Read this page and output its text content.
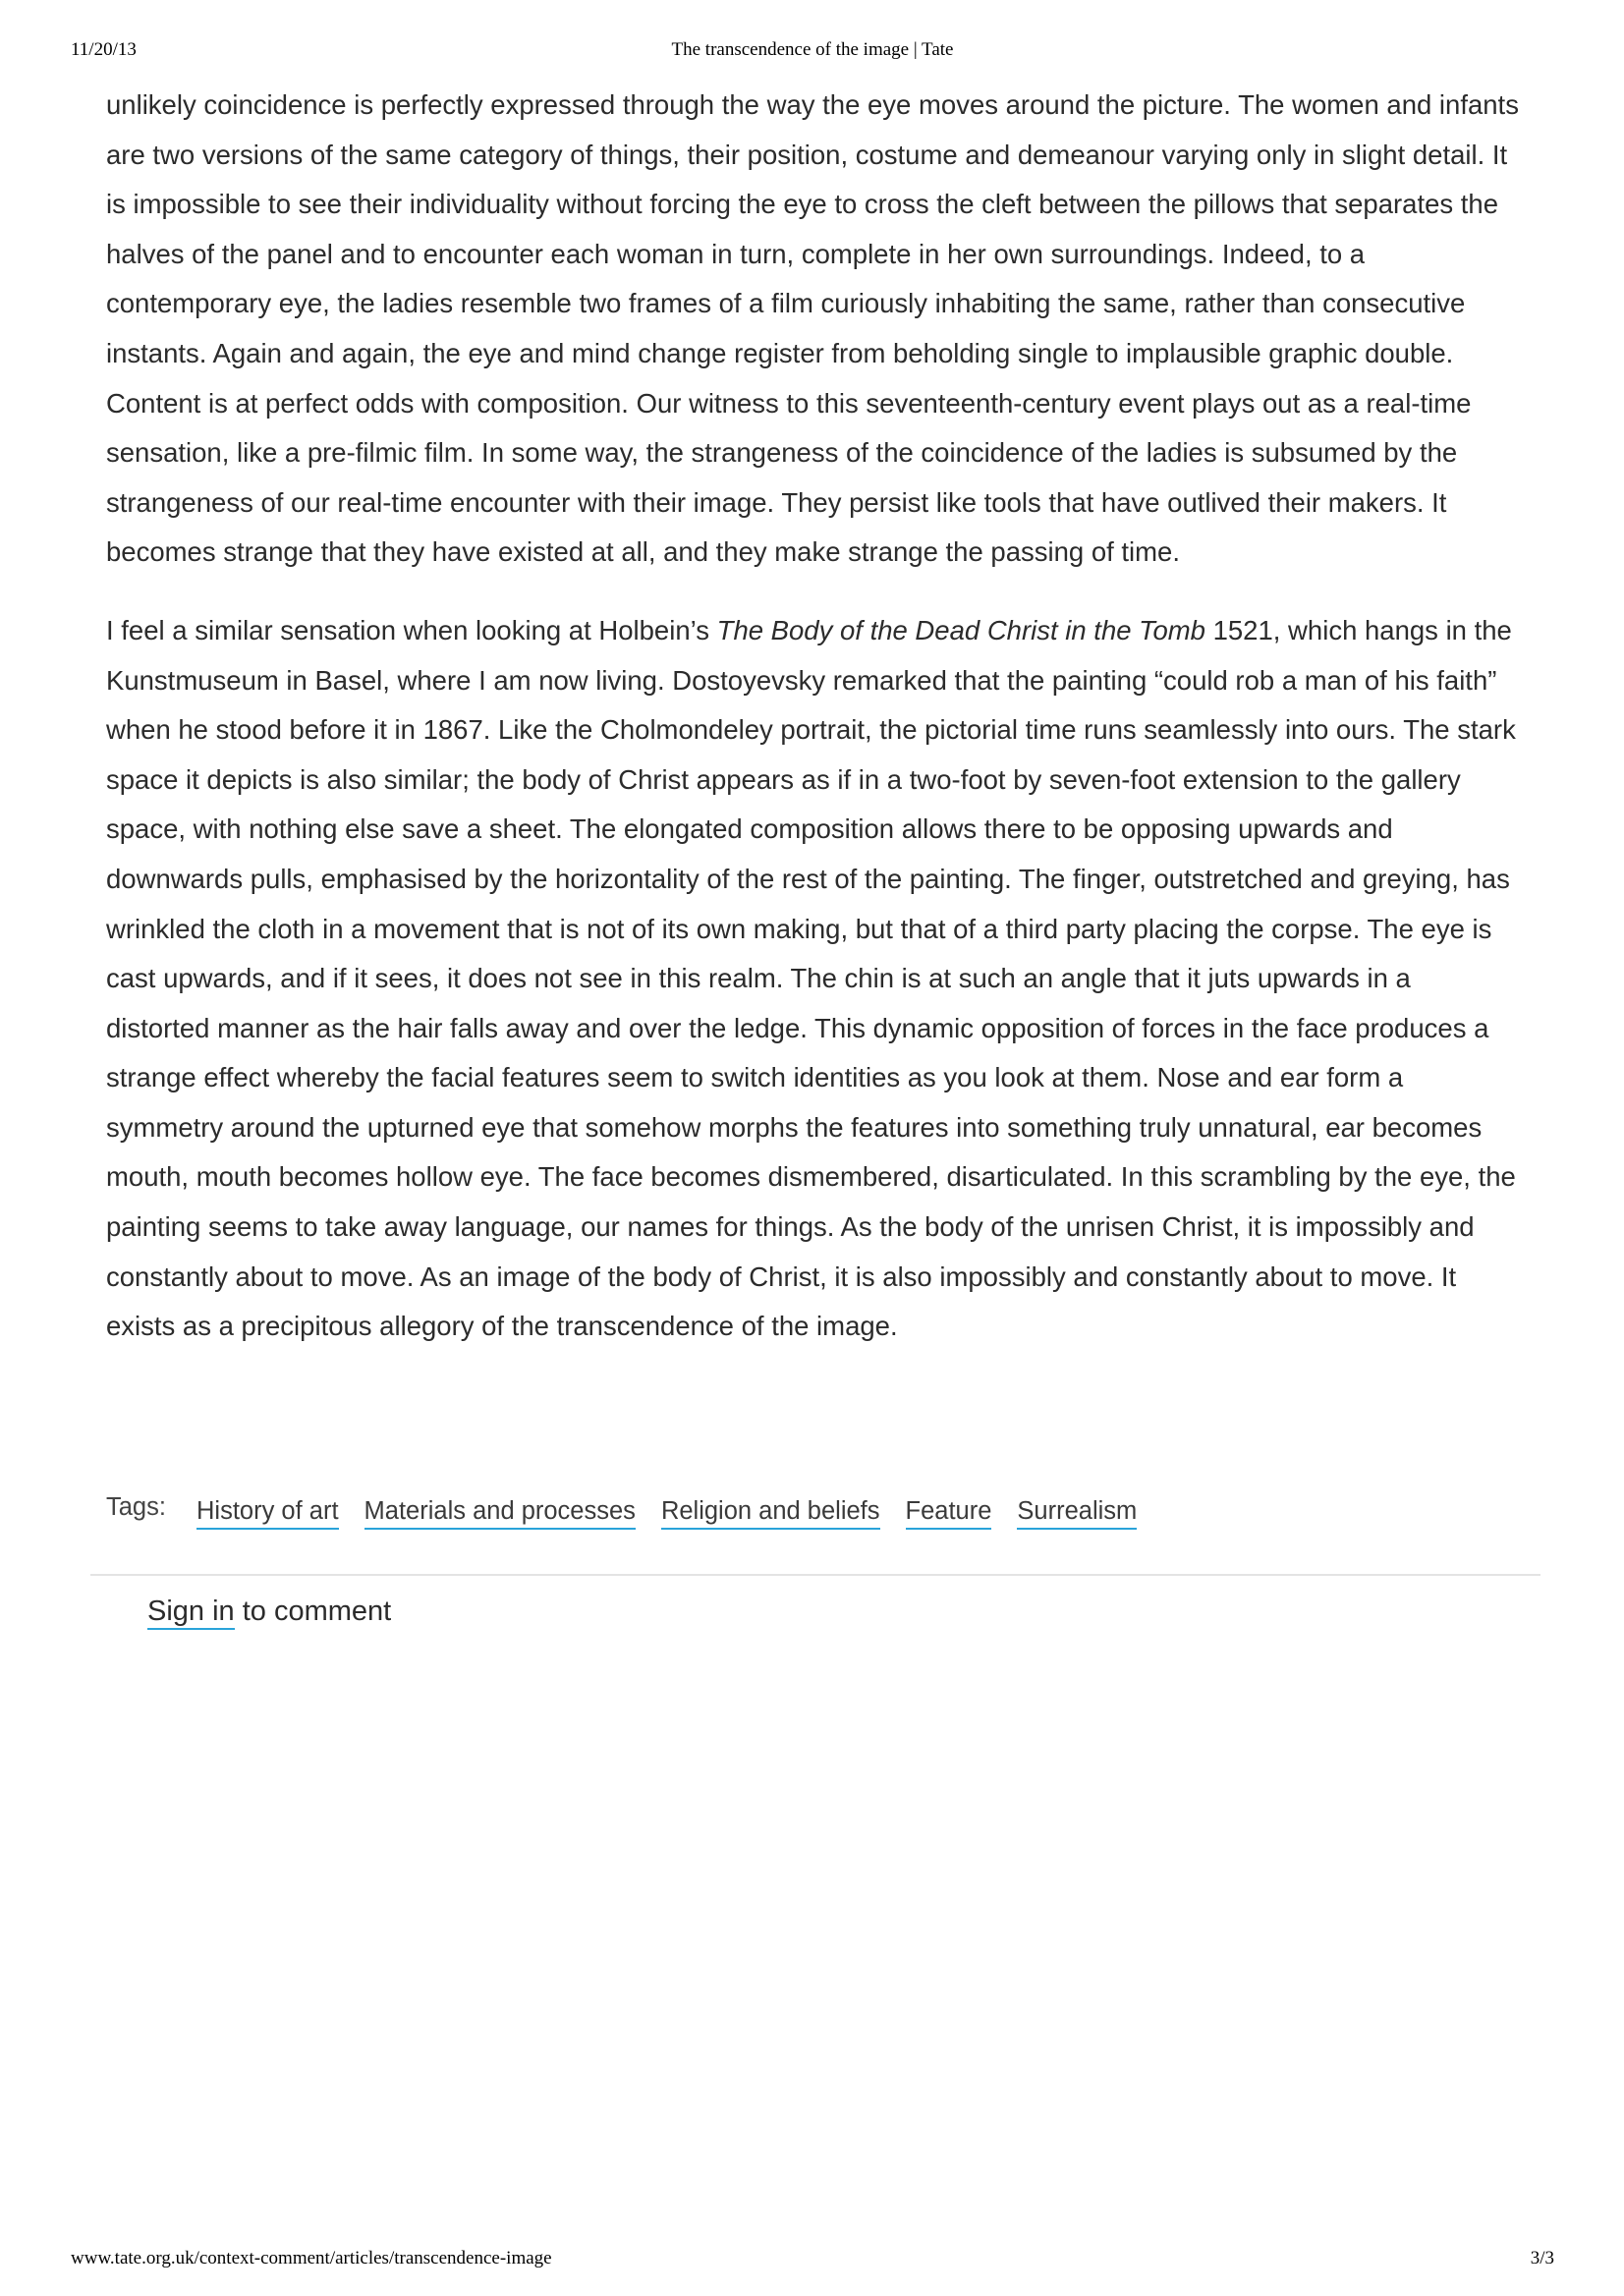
11/20/13	The transcendence of the image | Tate

unlikely coincidence is perfectly expressed through the way the eye moves around the picture. The women and infants are two versions of the same category of things, their position, costume and demeanour varying only in slight detail. It is impossible to see their individuality without forcing the eye to cross the cleft between the pillows that separates the halves of the panel and to encounter each woman in turn, complete in her own surroundings. Indeed, to a contemporary eye, the ladies resemble two frames of a film curiously inhabiting the same, rather than consecutive instants. Again and again, the eye and mind change register from beholding single to implausible graphic double. Content is at perfect odds with composition. Our witness to this seventeenth-century event plays out as a real-time sensation, like a pre-filmic film. In some way, the strangeness of the coincidence of the ladies is subsumed by the strangeness of our real-time encounter with their image. They persist like tools that have outlived their makers. It becomes strange that they have existed at all, and they make strange the passing of time.

I feel a similar sensation when looking at Holbein’s The Body of the Dead Christ in the Tomb 1521, which hangs in the Kunstmuseum in Basel, where I am now living. Dostoyevsky remarked that the painting “could rob a man of his faith” when he stood before it in 1867. Like the Cholmondeley portrait, the pictorial time runs seamlessly into ours. The stark space it depicts is also similar; the body of Christ appears as if in a two-foot by seven-foot extension to the gallery space, with nothing else save a sheet. The elongated composition allows there to be opposing upwards and downwards pulls, emphasised by the horizontality of the rest of the painting. The finger, outstretched and greying, has wrinkled the cloth in a movement that is not of its own making, but that of a third party placing the corpse. The eye is cast upwards, and if it sees, it does not see in this realm. The chin is at such an angle that it juts upwards in a distorted manner as the hair falls away and over the ledge. This dynamic opposition of forces in the face produces a strange effect whereby the facial features seem to switch identities as you look at them. Nose and ear form a symmetry around the upturned eye that somehow morphs the features into something truly unnatural, ear becomes mouth, mouth becomes hollow eye. The face becomes dismembered, disarticulated. In this scrambling by the eye, the painting seems to take away language, our names for things. As the body of the unrisen Christ, it is impossibly and constantly about to move. As an image of the body of Christ, it is also impossibly and constantly about to move. It exists as a precipitous allegory of the transcendence of the image.

Tags: History of art Materials and processes Religion and beliefs Feature Surrealism
Sign in to comment
www.tate.org.uk/context-comment/articles/transcendence-image	3/3
